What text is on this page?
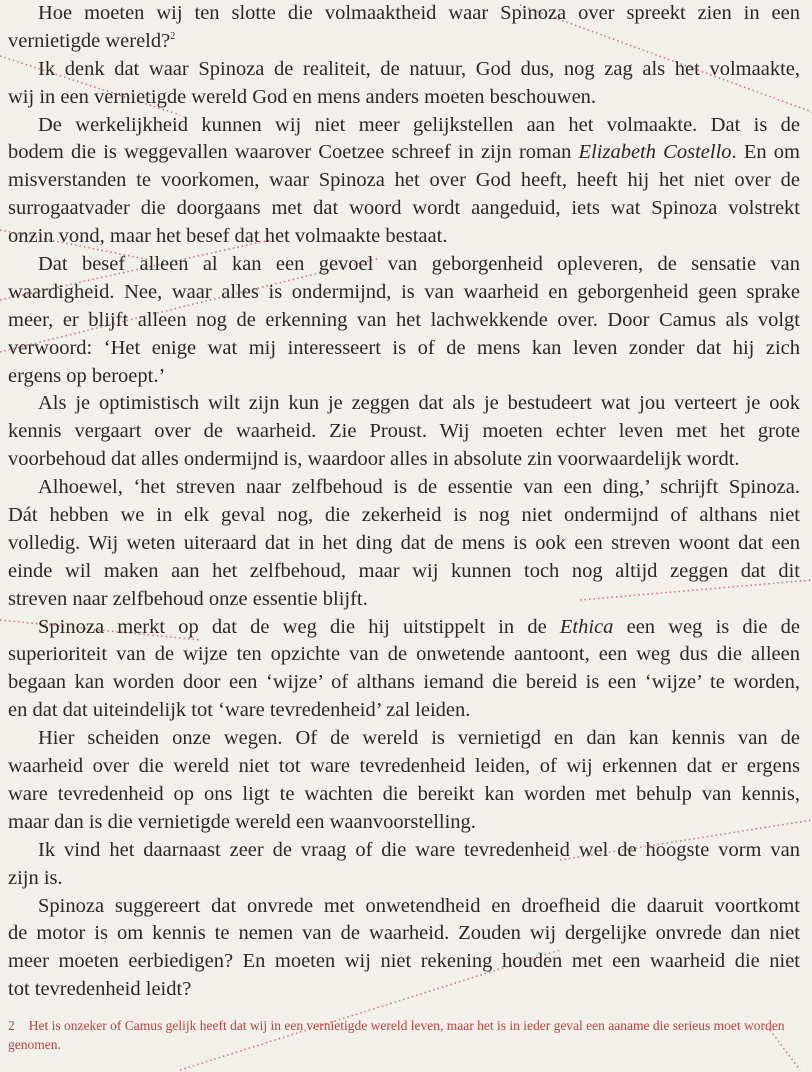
Hoe moeten wij ten slotte die volmaaktheid waar Spinoza over spreekt zien in een
vernietigde wereld?$^2$
Ik denk dat waar Spinoza de realiteit, de natuur, God dus, nog zag als het volmaakte,
wij in een vernietigde wereld God en mens anders moeten beschouwen.
De werkelijkheid kunnen wij niet meer gelijkstellen aan het volmaakte. Dat is de
bodem die is weggevallen waarover Coetzee schreef in zijn roman Elizabeth Costello. En om
misverstanden te voorkomen, waar Spinoza het over God heeft, heeft hij het niet over de
surrogaatvader die doorgaans met dat woord wordt aangeduid, iets wat Spinoza volstrekt
onzin vond, maar het besef dat het volmaakte bestaat.
Dat besef alleen al kan een gevoel van geborgenheid opleveren, de sensatie van
waardigheid. Nee, waar alles is ondermijnd, is van waarheid en geborgenheid geen sprake
meer, er blijft alleen nog de erkenning van het lachwekkende over. Door Camus als volgt
verwoord: ‘Het enige wat mij interesseert is of de mens kan leven zonder dat hij zich
ergens op beroept.’
Als je optimistisch wilt zijn kun je zeggen dat als je bestudeert wat jou verteert je ook
kennis vergaart over de waarheid. Zie Proust. Wij moeten echter leven met het grote
voorbehoud dat alles ondermijnd is, waardoor alles in absolute zin voorwaardelijk wordt.
Alhoewel, ‘het streven naar zelfbehoud is de essentie van een ding,’ schrijft Spinoza.
Dát hebben we in elk geval nog, die zekerheid is nog niet ondermijnd of althans niet
volledig. Wij weten uiteraard dat in het ding dat de mens is ook een streven woont dat een
einde wil maken aan het zelfbehoud, maar wij kunnen toch nog altijd zeggen dat dit
streven naar zelfbehoud onze essentie blijft.
Spinoza merkt op dat de weg die hij uitstippelt in de Ethica een weg is die de
superioriteit van de wijze ten opzichte van de onwetende aantoont, een weg dus die alleen
begaan kan worden door een ‘wijze’ of althans iemand die bereid is een ‘wijze’ te worden,
en dat dat uiteindelijk tot ‘ware tevredenheid’ zal leiden.
Hier scheiden onze wegen. Of de wereld is vernietigd en dan kan kennis van de
waarheid over die wereld niet tot ware tevredenheid leiden, of wij erkennen dat er ergens
ware tevredenheid op ons ligt te wachten die bereikt kan worden met behulp van kennis,
maar dan is die vernietigde wereld een waanvoorstelling.
Ik vind het daarnaast zeer de vraag of die ware tevredenheid wel de hoogste vorm van
zijn is.
Spinoza suggereert dat onvrede met onwetendheid en droefheid die daaruit voortkomt
de motor is om kennis te nemen van de waarheid. Zouden wij dergelijke onvrede dan niet
meer moeten eerbiedigen? En moeten wij niet rekening houden met een waarheid die niet
tot tevredenheid leidt?
2 Het is onzeker of Camus gelijk heeft dat wij in een vernietigde wereld leven, maar het is in ieder geval een aaname die serieus moet worden genomen.
